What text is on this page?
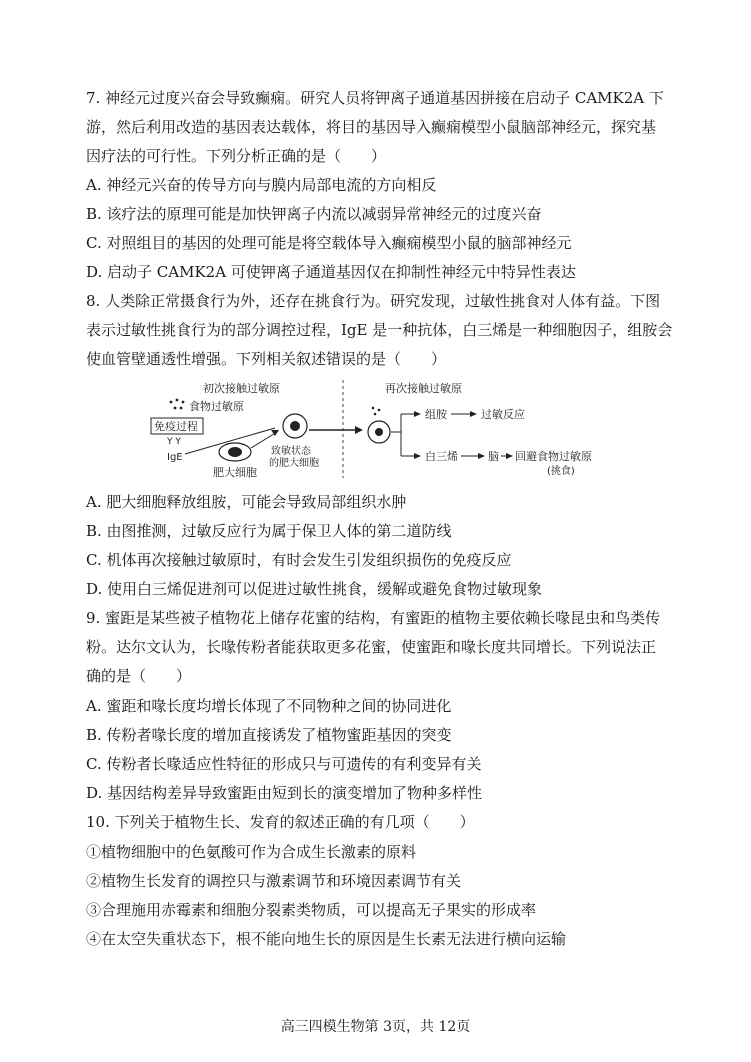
7. 神经元过度兴奋会导致癫痫。研究人员将钾离子通道基因拼接在启动子 CAMK2A 下
游，然后利用改造的基因表达载体，将目的基因导入癫痫模型小鼠脑部神经元，探究基
因疗法的可行性。下列分析正确的是（　　）
A. 神经元兴奋的传导方向与膜内局部电流的方向相反
B. 该疗法的原理可能是加快钾离子内流以减弱异常神经元的过度兴奋
C. 对照组目的基因的处理可能是将空载体导入癫痫模型小鼠的脑部神经元
D. 启动子 CAMK2A 可使钾离子通道基因仅在抑制性神经元中特异性表达
8. 人类除正常摄食行为外，还存在挑食行为。研究发现，过敏性挑食对人体有益。下图
表示过敏性挑食行为的部分调控过程，IgE 是一种抗体，白三烯是一种细胞因子，组胺会
使血管壁通透性增强。下列相关叙述错误的是（　　）
初次接触过敏原	再次接触过敏原
食物过敏原
免疫过程
Y Y
IgE
肥大细胞
致敏状态
的肥大细胞
组胺	过敏反应
白三烯	脑 回避食物过敏原
(挑食)
A. 肥大细胞释放组胺，可能会导致局部组织水肿
B. 由图推测，过敏反应行为属于保卫人体的第二道防线
C. 机体再次接触过敏原时，有时会发生引发组织损伤的免疫反应
D. 使用白三烯促进剂可以促进过敏性挑食，缓解或避免食物过敏现象
9. 蜜距是某些被子植物花上储存花蜜的结构，有蜜距的植物主要依赖长喙昆虫和鸟类传
粉。达尔文认为，长喙传粉者能获取更多花蜜，使蜜距和喙长度共同增长。下列说法正
确的是（　　）
A. 蜜距和喙长度均增长体现了不同物种之间的协同进化
B. 传粉者喙长度的增加直接诱发了植物蜜距基因的突变
C. 传粉者长喙适应性特征的形成只与可遗传的有利变异有关
D. 基因结构差异导致蜜距由短到长的演变增加了物种多样性
10. 下列关于植物生长、发育的叙述正确的有几项（　　）
①植物细胞中的色氨酸可作为合成生长激素的原料
②植物生长发育的调控只与激素调节和环境因素调节有关
③合理施用赤霉素和细胞分裂素类物质，可以提高无子果实的形成率
④在太空失重状态下，根不能向地生长的原因是生长素无法进行横向运输
高三四模生物第 3页，共 12页
